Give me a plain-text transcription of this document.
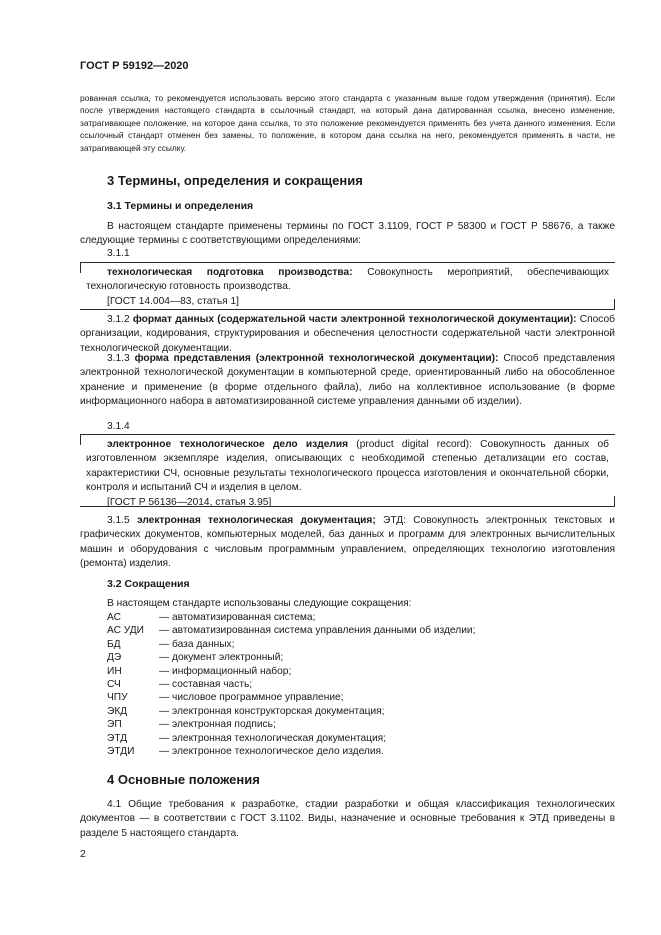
ГОСТ Р 59192—2020

рованная ссылка, то рекомендуется использовать версию этого стандарта с указанным выше годом утверждения (принятия). Если после утверждения настоящего стандарта в ссылочный стандарт, на который дана датированная ссылка, внесено изменение, затрагивающее положение, на которое дана ссылка, то это положение рекомендуется применять без учета данного изменения. Если ссылочный стандарт отменен без замены, то положение, в котором дана ссылка на него, рекомендуется применять в части, не затрагивающей эту ссылку.

3 Термины, определения и сокращения
3.1 Термины и определения

В настоящем стандарте применены термины по ГОСТ 3.1109, ГОСТ Р 58300 и ГОСТ Р 58676, а также следующие термины с соответствующими определениями:

3.1.1

технологическая подготовка производства: Совокупность мероприятий, обеспечивающих технологическую готовность производства.

[ГОСТ 14.004—83, статья 1]

3.1.2 формат данных (содержательной части электронной технологической документации): Способ организации, кодирования, структурирования и обеспечения целостности содержательной части электронной технологической документации.

3.1.3 форма представления (электронной технологической документации): Способ представления электронной технологической документации в компьютерной среде, ориентированный либо на обособленное хранение и применение (в форме отдельного файла), либо на коллективное использование (в форме информационного набора в автоматизированной системе управления данными об изделии).

3.1.4

электронное технологическое дело изделия (product digital record): Совокупность данных об изготовленном экземпляре изделия, описывающих с необходимой степенью детализации его состав, характеристики СЧ, основные результаты технологического процесса изготовления и окончательной сборки, контроля и испытаний СЧ и изделия в целом.

[ГОСТ Р 56136—2014, статья 3.95]

3.1.5 электронная технологическая документация; ЭТД: Совокупность электронных текстовых и графических документов, компьютерных моделей, баз данных и программ для электронных вычислительных машин и оборудования с числовым программным управлением, определяющих технологию изготовления (ремонта) изделия.

3.2 Сокращения
В настоящем стандарте использованы следующие сокращения:
АС	— автоматизированная система;
АС УДИ — автоматизированная система управления данными об изделии;
БД	— база данных;
ДЭ	— документ электронный;
ИН	— информационный набор;
СЧ	— составная часть;
ЧПУ	— числовое программное управление;
ЭКД	— электронная конструкторская документация;
ЭП	— электронная подпись;
ЭТД	— электронная технологическая документация;
ЭТДИ — электронное технологическое дело изделия.
4 Основные положения

4.1 Общие требования к разработке, стадии разработки и общая классификация технологических документов — в соответствии с ГОСТ 3.1102. Виды, назначение и основные требования к ЭТД приведены в разделе 5 настоящего стандарта.

2
